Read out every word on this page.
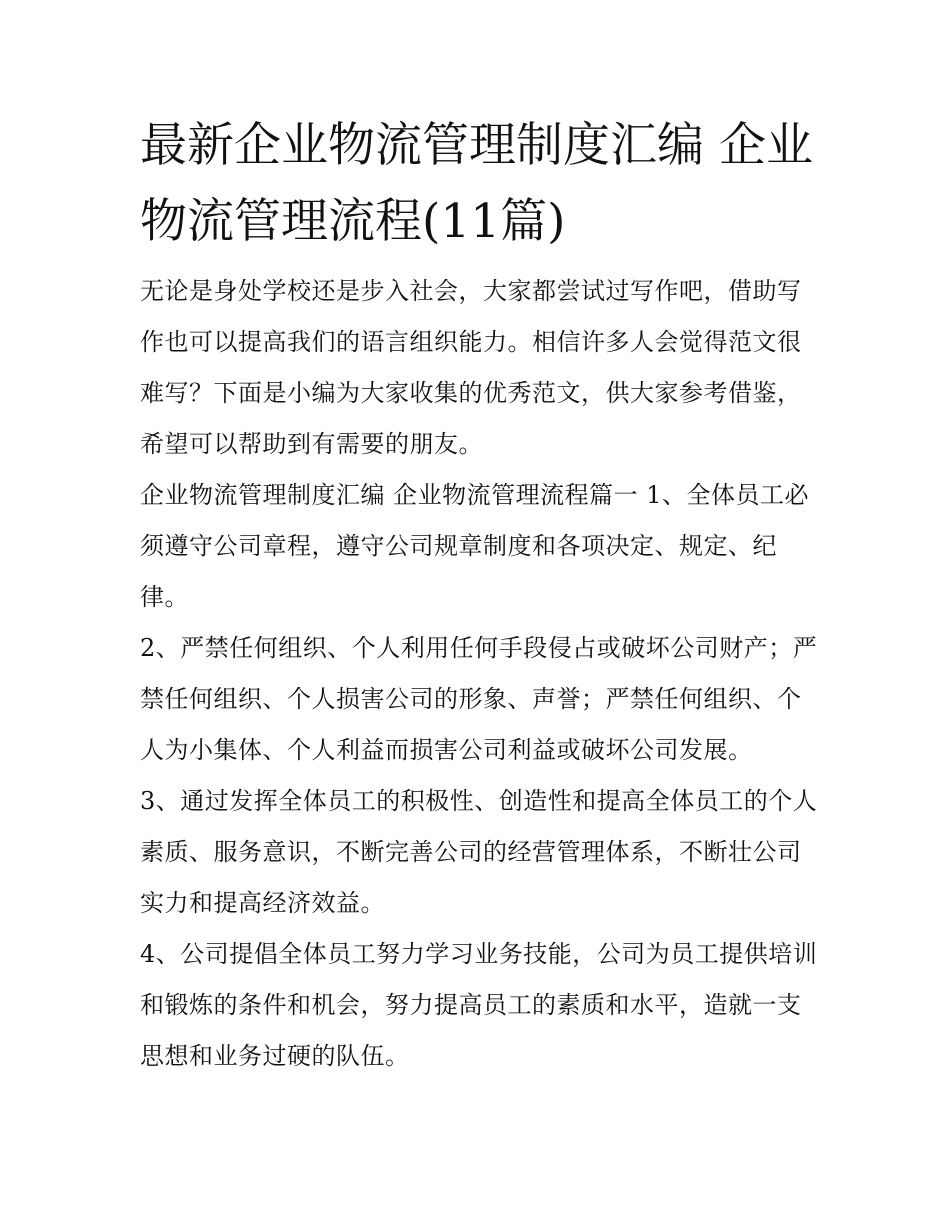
最新企业物流管理制度汇编 企业物流管理流程(11篇)

无论是身处学校还是步入社会，大家都尝试过写作吧，借助写作也可以提高我们的语言组织能力。相信许多人会觉得范文很难写？下面是小编为大家收集的优秀范文，供大家参考借鉴，希望可以帮助到有需要的朋友。

企业物流管理制度汇编 企业物流管理流程篇一 1、全体员工必须遵守公司章程，遵守公司规章制度和各项决定、规定、纪律。

2、严禁任何组织、个人利用任何手段侵占或破坏公司财产；严禁任何组织、个人损害公司的形象、声誉；严禁任何组织、个人为小集体、个人利益而损害公司利益或破坏公司发展。

3、通过发挥全体员工的积极性、创造性和提高全体员工的个人素质、服务意识，不断完善公司的经营管理体系，不断壮公司实力和提高经济效益。

4、公司提倡全体员工努力学习业务技能，公司为员工提供培训和锻炼的条件和机会，努力提高员工的素质和水平，造就一支思想和业务过硬的队伍。
